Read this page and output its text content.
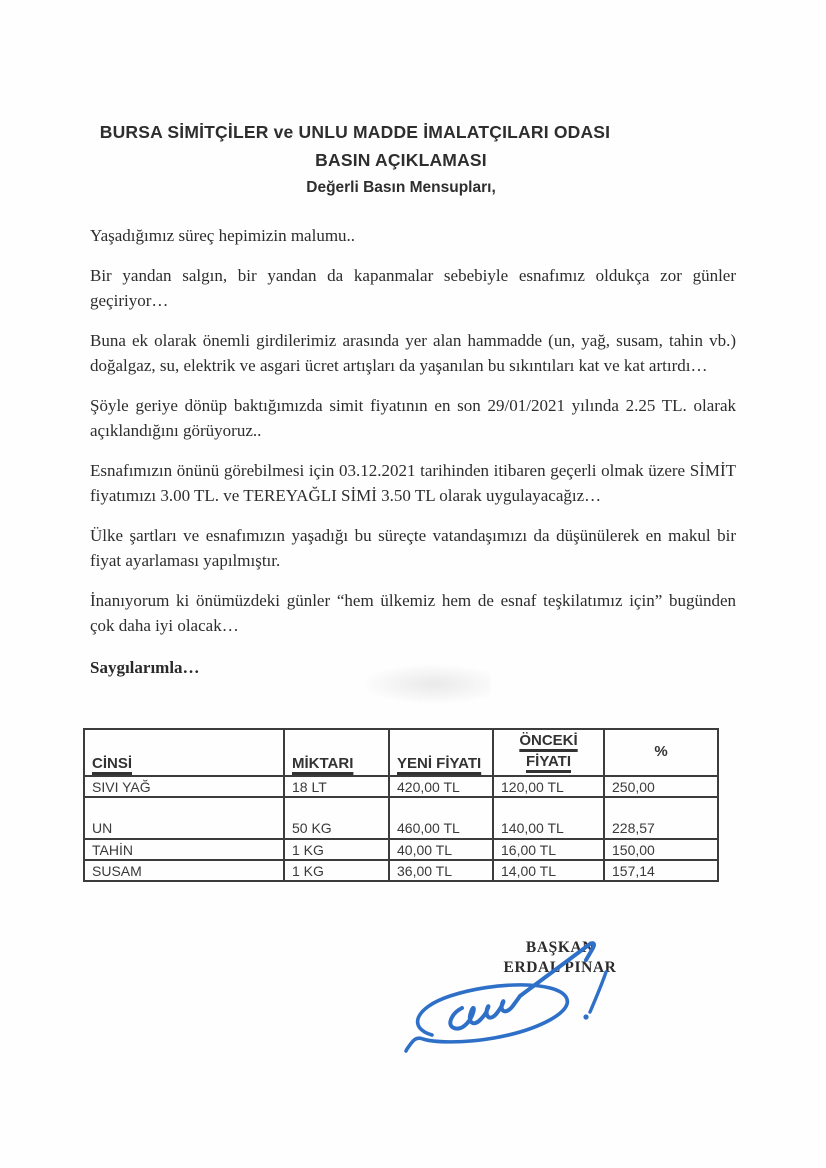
BURSA SİMİTÇİLER ve UNLU MADDE İMALATÇILARI ODASI
BASIN AÇIKLAMASI
Değerli Basın Mensupları,

Yaşadığımız süreç hepimizin malumu..

Bir yandan salgın, bir yandan da kapanmalar sebebiyle esnafımız oldukça zor günler geçiriyor…

Buna ek olarak önemli girdilerimiz arasında yer alan hammadde (un, yağ, susam, tahin vb.) doğalgaz, su, elektrik ve asgari ücret artışları da yaşanılan bu sıkıntıları kat ve kat artırdı…

Şöyle geriye dönüp baktığımızda simit fiyatının en son 29/01/2021 yılında 2.25 TL. olarak açıklandığını görüyoruz..

Esnafımızın önünü görebilmesi için 03.12.2021 tarihinden itibaren geçerli olmak üzere SİMİT fiyatımızı 3.00 TL. ve TEREYAĞLI SİMİ 3.50 TL olarak uygulayacağız…

Ülke şartları ve esnafımızın yaşadığı bu süreçte vatandaşımızı da düşünülerek en makul bir fiyat ayarlaması yapılmıştır.

İnanıyorum ki önümüzdeki günler “hem ülkemiz hem de esnaf teşkilatımız için” bugünden çok daha iyi olacak…

Saygılarımla…
CİNSİ	MİKTARI	YENİ FİYATI	ÖNCEKİ FİYATI	%
SIVI YAĞ	18 LT	420,00 TL	120,00 TL	250,00
UN	50 KG	460,00 TL	140,00 TL	228,57
TAHİN	1 KG	40,00 TL	16,00 TL	150,00
SUSAM	1 KG	36,00 TL	14,00 TL	157,14
BAŞKAN
ERDAL PINAR
